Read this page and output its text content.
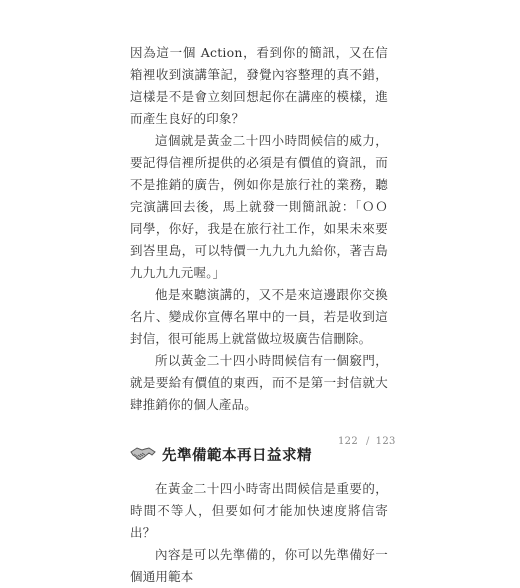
因為這一個 Action，看到你的簡訊，又在信箱裡收到演講筆記，發覺內容整理的真不錯，這樣是不是會立刻回想起你在講座的模樣，進而產生良好的印象？

這個就是黃金二十四小時問候信的威力，要記得信裡所提供的必須是有價值的資訊，而不是推銷的廣告，例如你是旅行社的業務，聽完演講回去後，馬上就發一則簡訊說：「ＯＯ同學，你好，我是在旅行社工作，如果未來要到峇里島，可以特價一九九九九給你，著吉島九九九九元喔。」

他是來聽演講的，又不是來這邊跟你交換名片、變成你宣傳名單中的一員，若是收到這封信，很可能馬上就當做垃圾廣告信刪除。

所以黃金二十四小時問候信有一個竅門，就是要給有價值的東西，而不是第一封信就大肆推銷你的個人產品。

先準備範本再日益求精

在黃金二十四小時寄出問候信是重要的，時間不等人，但要如何才能加快速度將信寄出？

內容是可以先準備的，你可以先準備好一個通用範本

122 / 123
